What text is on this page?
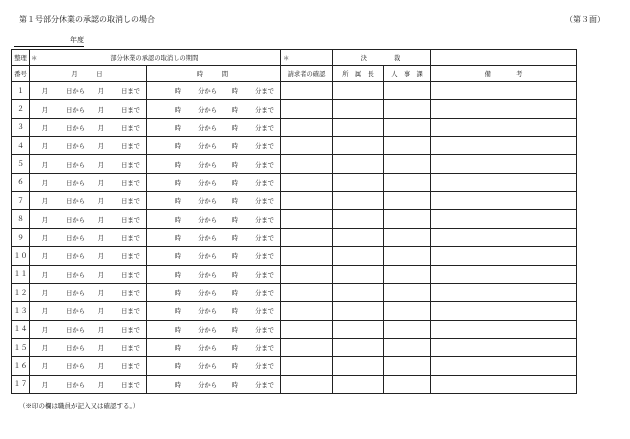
第１号部分休業の承認の取消しの場合	（第３面）
年度
整理	＊ 部分休業の承認の取消しの期間		＊	決　　　裁		
番号	月　　日	時　　間	請求者の確認	所　属　長	人　事　課	備　　　　考
１	月 日から 月 日まで	時 分から 時 分まで				
２	月 日から 月 日まで	時 分から 時 分まで				
３	月 日から 月 日まで	時 分から 時 分まで				
４	月 日から 月 日まで	時 分から 時 分まで				
５	月 日から 月 日まで	時 分から 時 分まで				
６	月 日から 月 日まで	時 分から 時 分まで				
７	月 日から 月 日まで	時 分から 時 分まで				
８	月 日から 月 日まで	時 分から 時 分まで				
９	月 日から 月 日まで	時 分から 時 分まで				
１０	月 日から 月 日まで	時 分から 時 分まで				
１１	月 日から 月 日まで	時 分から 時 分まで				
１２	月 日から 月 日まで	時 分から 時 分まで				
１３	月 日から 月 日まで	時 分から 時 分まで				
１４	月 日から 月 日まで	時 分から 時 分まで				
１５	月 日から 月 日まで	時 分から 時 分まで				
１６	月 日から 月 日まで	時 分から 時 分まで				
１７	月 日から 月 日まで	時 分から 時 分まで				
（※印の欄は職員が記入又は確認する。）
